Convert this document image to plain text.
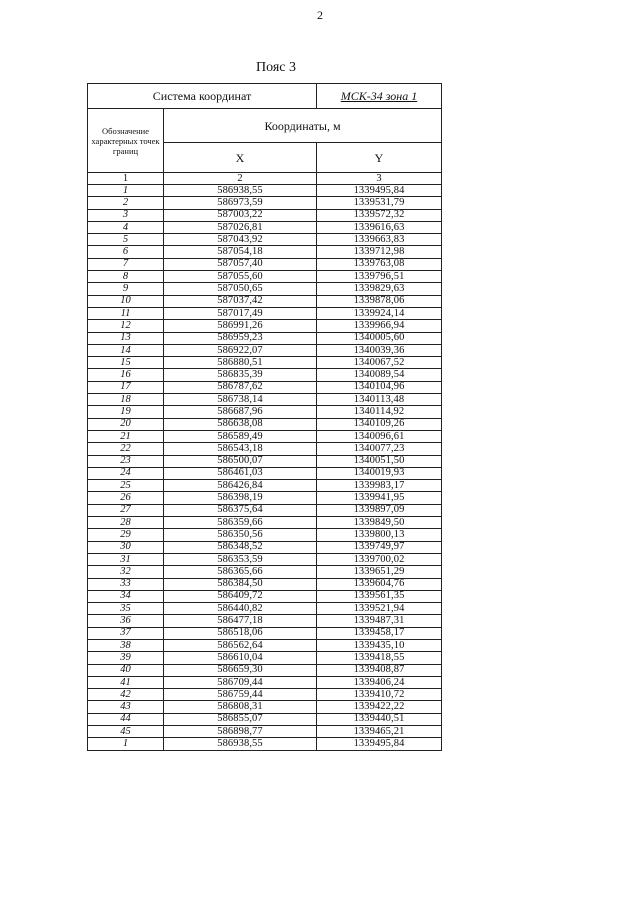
2
Пояс 3
Система координат		МСК-34 зона 1
Обозначение характерных точек границ	Координаты, м	
	X	Y
1	2	3
1	586938,55	1339495,84
2	586973,59	1339531,79
3	587003,22	1339572,32
4	587026,81	1339616,63
5	587043,92	1339663,83
6	587054,18	1339712,98
7	587057,40	1339763,08
8	587055,60	1339796,51
9	587050,65	1339829,63
10	587037,42	1339878,06
11	587017,49	1339924,14
12	586991,26	1339966,94
13	586959,23	1340005,60
14	586922,07	1340039,36
15	586880,51	1340067,52
16	586835,39	1340089,54
17	586787,62	1340104,96
18	586738,14	1340113,48
19	586687,96	1340114,92
20	586638,08	1340109,26
21	586589,49	1340096,61
22	586543,18	1340077,23
23	586500,07	1340051,50
24	586461,03	1340019,93
25	586426,84	1339983,17
26	586398,19	1339941,95
27	586375,64	1339897,09
28	586359,66	1339849,50
29	586350,56	1339800,13
30	586348,52	1339749,97
31	586353,59	1339700,02
32	586365,66	1339651,29
33	586384,50	1339604,76
34	586409,72	1339561,35
35	586440,82	1339521,94
36	586477,18	1339487,31
37	586518,06	1339458,17
38	586562,64	1339435,10
39	586610,04	1339418,55
40	586659,30	1339408,87
41	586709,44	1339406,24
42	586759,44	1339410,72
43	586808,31	1339422,22
44	586855,07	1339440,51
45	586898,77	1339465,21
1	586938,55	1339495,84
